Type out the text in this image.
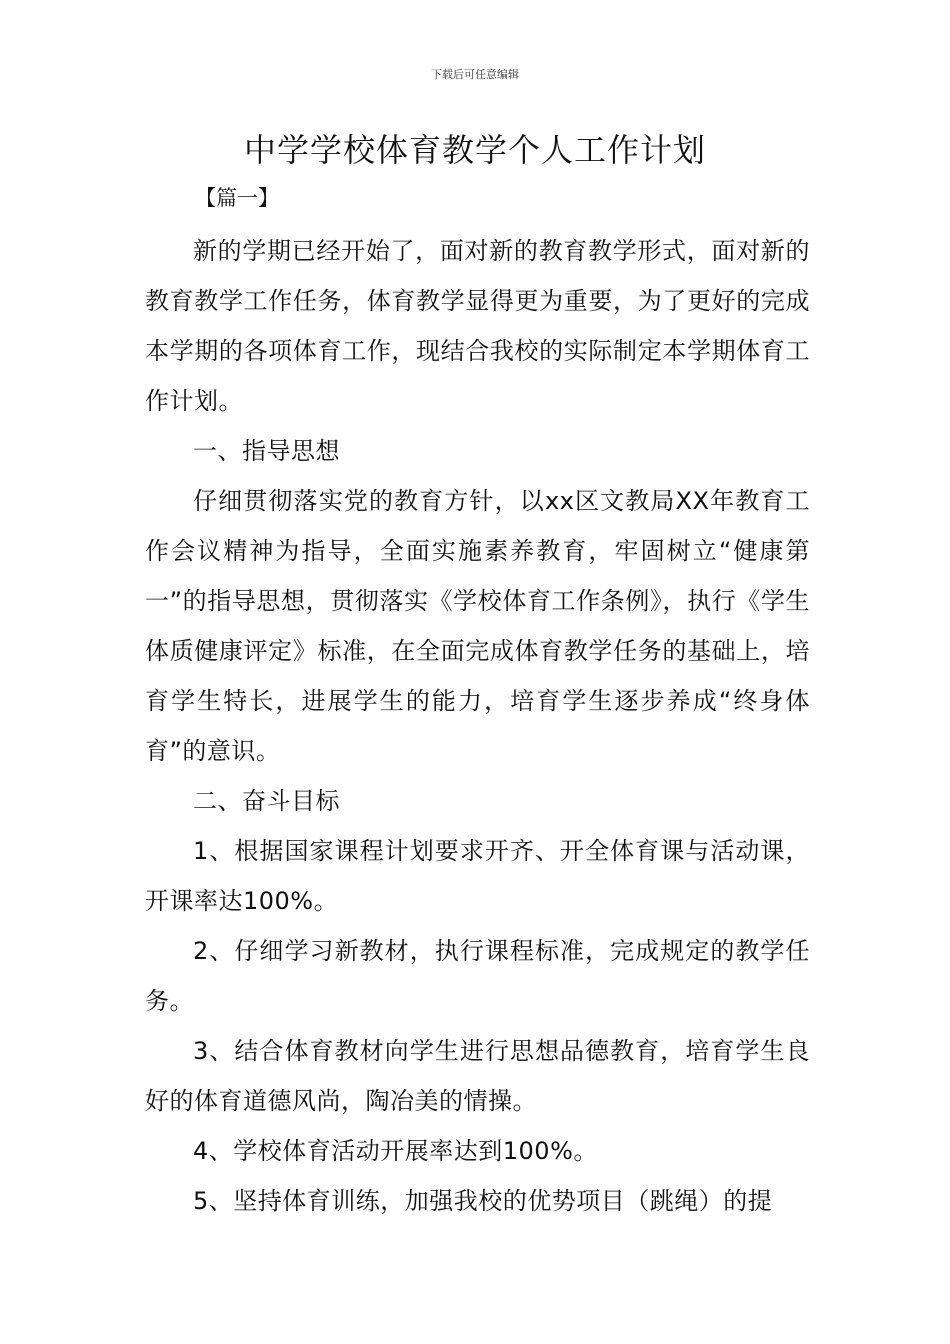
下载后可任意编辑
中学学校体育教学个人工作计划
【篇一】

新的学期已经开始了，面对新的教育教学形式，面对新的教育教学工作任务，体育教学显得更为重要，为了更好的完成本学期的各项体育工作，现结合我校的实际制定本学期体育工作计划。

一、指导思想

仔细贯彻落实党的教育方针，以xx区文教局XX年教育工作会议精神为指导，全面实施素养教育，牢固树立“健康第一”的指导思想，贯彻落实《学校体育工作条例》，执行《学生体质健康评定》标准，在全面完成体育教学任务的基础上，培育学生特长，进展学生的能力，培育学生逐步养成“终身体育”的意识。

二、奋斗目标

1、根据国家课程计划要求开齐、开全体育课与活动课，开课率达100%。

2、仔细学习新教材，执行课程标准，完成规定的教学任务。

3、结合体育教材向学生进行思想品德教育，培育学生良好的体育道德风尚，陶冶美的情操。

4、学校体育活动开展率达到100%。

5、坚持体育训练，加强我校的优势项目（跳绳）的提
